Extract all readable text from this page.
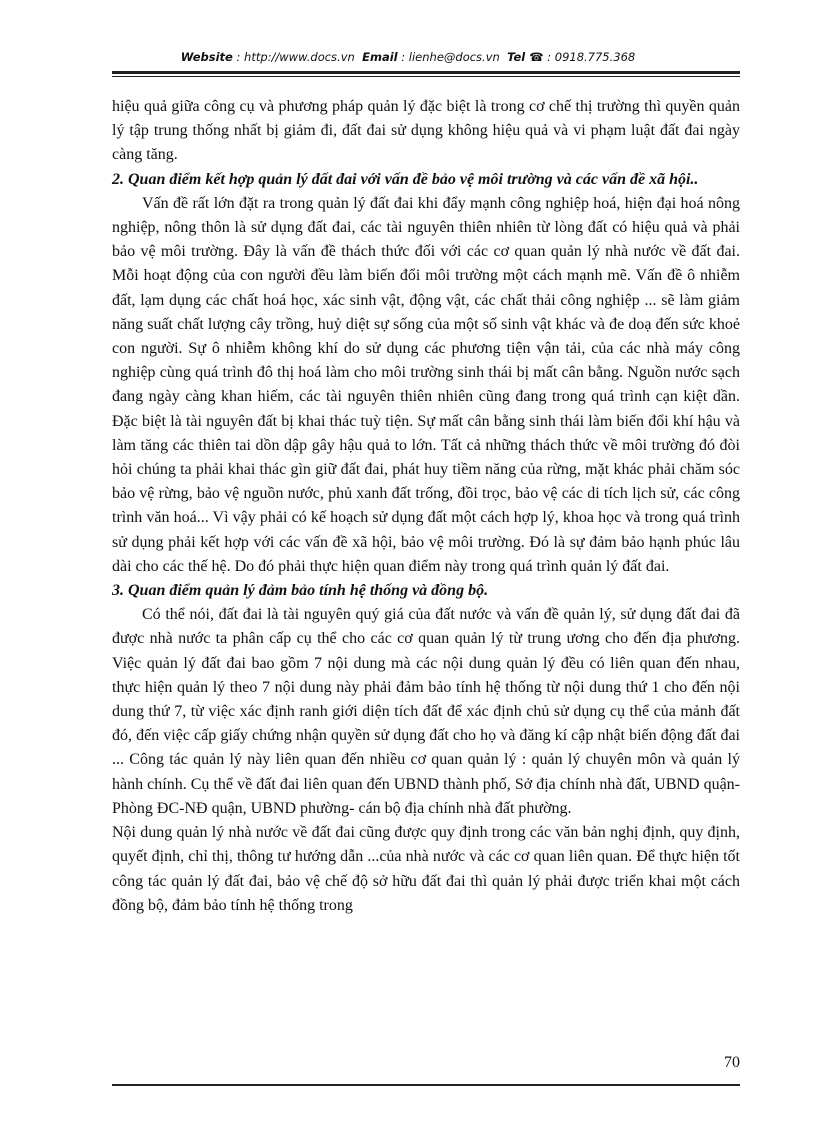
Website : http://www.docs.vn Email : lienhe@docs.vn Tel ☎ : 0918.775.368

hiệu quả giữa công cụ và phương pháp quản lý đặc biệt là trong cơ chế thị trường thì quyền quản lý tập trung thống nhất bị giảm đi, đất đai sử dụng không hiệu quả và vi phạm luật đất đai ngày càng tăng.

2. Quan điểm kết hợp quản lý đất đai với vấn đề bảo vệ môi trường và các vấn đề xã hội..

Vấn đề rất lớn đặt ra trong quản lý đất đai khi đẩy mạnh công nghiệp hoá, hiện đại hoá nông nghiệp, nông thôn là sử dụng đất đai, các tài nguyên thiên nhiên từ lòng đất có hiệu quả và phải bảo vệ môi trường. Đây là vấn đề thách thức đối với các cơ quan quản lý nhà nước về đất đai. Mỗi hoạt động của con người đều làm biến đổi môi trường một cách mạnh mẽ. Vấn đề ô nhiễm đất, lạm dụng các chất hoá học, xác sinh vật, động vật, các chất thải công nghiệp ... sẽ làm giảm năng suất chất lượng cây trồng, huỷ diệt sự sống của một số sinh vật khác và đe doạ đến sức khoẻ con người. Sự ô nhiễm không khí do sử dụng các phương tiện vận tải, của các nhà máy công nghiệp cùng quá trình đô thị hoá làm cho môi trường sinh thái bị mất cân bằng. Nguồn nước sạch đang ngày càng khan hiếm, các tài nguyên thiên nhiên cũng đang trong quá trình cạn kiệt dần. Đặc biệt là tài nguyên đất bị khai thác tuỳ tiện. Sự mất cân bằng sinh thái làm biến đổi khí hậu và làm tăng các thiên tai dồn dập gây hậu quả to lớn. Tất cả những thách thức về môi trường đó đòi hỏi chúng ta phải khai thác gìn giữ đất đai, phát huy tiềm năng của rừng, mặt khác phải chăm sóc bảo vệ rừng, bảo vệ nguồn nước, phủ xanh đất trống, đồi trọc, bảo vệ các di tích lịch sử, các công trình văn hoá... Vì vậy phải có kế hoạch sử dụng đất một cách hợp lý, khoa học và trong quá trình sử dụng phải kết hợp với các vấn đề xã hội, bảo vệ môi trường. Đó là sự đảm bảo hạnh phúc lâu dài cho các thế hệ. Do đó phải thực hiện quan điểm này trong quá trình quản lý đất đai.

3. Quan điểm quản lý đảm bảo tính hệ thống và đồng bộ.

Có thể nói, đất đai là tài nguyên quý giá của đất nước và vấn đề quản lý, sử dụng đất đai đã được nhà nước ta phân cấp cụ thể cho các cơ quan quản lý từ trung ương cho đến địa phương. Việc quản lý đất đai bao gồm 7 nội dung mà các nội dung quản lý đều có liên quan đến nhau, thực hiện quản lý theo 7 nội dung này phải đảm bảo tính hệ thống từ nội dung thứ 1 cho đến nội dung thứ 7, từ việc xác định ranh giới diện tích đất để xác định chủ sử dụng cụ thể của mảnh đất đó, đến việc cấp giấy chứng nhận quyền sử dụng đất cho họ và đăng kí cập nhật biến động đất đai ... Công tác quản lý này liên quan đến nhiều cơ quan quản lý : quản lý chuyên môn và quản lý hành chính. Cụ thể về đất đai liên quan đến UBND thành phố, Sở địa chính nhà đất, UBND quận- Phòng ĐC-NĐ quận, UBND phường- cán bộ địa chính nhà đất phường.

Nội dung quản lý nhà nước về đất đai cũng được quy định trong các văn bản nghị định, quy định, quyết định, chỉ thị, thông tư hướng dẫn ...của nhà nước và các cơ quan liên quan. Để thực hiện tốt công tác quản lý đất đai, bảo vệ chế độ sở hữu đất đai thì quản lý phải được triển khai một cách đồng bộ, đảm bảo tính hệ thống trong

70
